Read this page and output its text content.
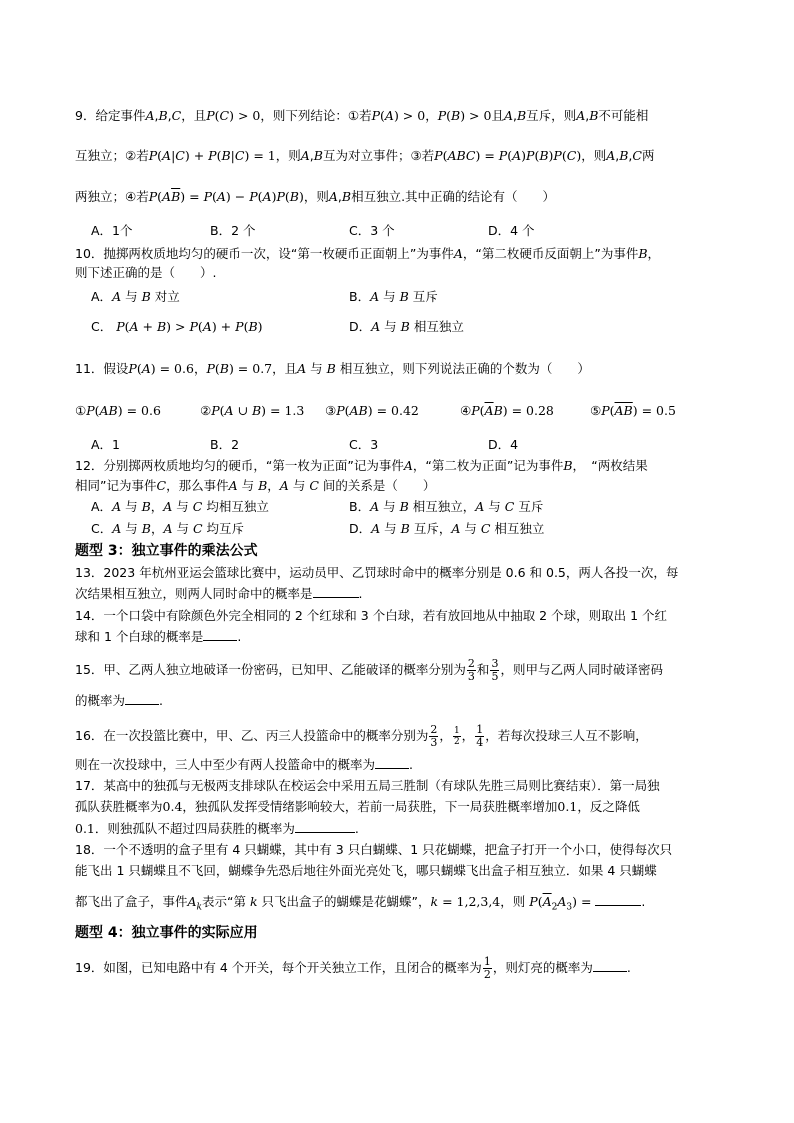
9．给定事件A,B,C，且P(C) > 0，则下列结论：①若P(A) > 0，P(B) > 0且A,B互斥，则A,B不可能相
互独立；②若P(A|C) + P(B|C) = 1，则A,B互为对立事件；③若P(ABC) = P(A)P(B)P(C)，则A,B,C两
两独立；④若$P(A\overline{B}) = P(A) - P(A)P(B)$，则A,B相互独立.其中正确的结论有（　　）
A．1个	B．2 个	C．3 个	D．4 个
10．抛掷两枚质地均匀的硬币一次，设“第一枚硬币正面朝上”为事件A，“第二枚硬币反面朝上”为事件B，
则下述正确的是（　　）.
A．A 与 B 对立	B．A 与 B 互斥
C． P(A + B) > P(A) + P(B)	D．A 与 B 相互独立
11．假设P(A) = 0.6，P(B) = 0.7，且A 与 B 相互独立，则下列说法正确的个数为（　　）
①P(AB) = 0.6	②P(A ∪ B) = 1.3 ③P(AB) = 0.42	$④P(\overline{A}B) = 0.28$	$⑤P(\overline{AB}) = 0.5$
A．1	B．2	C．3	D．4
12．分别掷两枚质地均匀的硬币，“第一枚为正面”记为事件A，“第二枚为正面”记为事件B，　“两枚结果
相同”记为事件C，那么事件A 与 B，A 与 C 间的关系是（　　）
A．A 与 B，A 与 C 均相互独立	B．A 与 B 相互独立，A 与 C 互斥
C．A 与 B，A 与 C 均互斥	D．A 与 B 互斥，A 与 C 相互独立
题型 3：独立事件的乘法公式
13．2023 年杭州亚运会篮球比赛中，运动员甲、乙罚球时命中的概率分别是 0.6 和 0.5，两人各投一次，每
次结果相互独立，则两人同时命中的概率是	.
14．一个口袋中有除颜色外完全相同的 2 个红球和 3 个白球，若有放回地从中抽取 2 个球，则取出 1 个红
球和 1 个白球的概率是	.
15．甲、乙两人独立地破译一份密码，已知甲、乙能破译的概率分别为 $\frac{2}{3}$ 和 $\frac{3}{5}$ ，则甲与乙两人同时破译密码
的概率为	.
16．在一次投篮比赛中，甲、乙、丙三人投篮命中的概率分别为 $\frac{2}{3}$ ， $\frac{1}{2}$ ， $\frac{1}{4}$ ，若每次投球三人互不影响，
则在一次投球中，三人中至少有两人投篮命中的概率为	.
17．某高中的独孤与无极两支排球队在校运会中采用五局三胜制（有球队先胜三局则比赛结束）．第一局独
孤队获胜概率为0.4，独孤队发挥受情绪影响较大，若前一局获胜，下一局获胜概率增加0.1，反之降低
0.1．则独孤队不超过四局获胜的概率为	.
18．一个不透明的盒子里有 4 只蝴蝶，其中有 3 只白蝴蝶、1 只花蝴蝶，把盒子打开一个小口，使得每次只
能飞出 1 只蝴蝶且不飞回，蝴蝶争先恐后地往外面光亮处飞，哪只蝴蝶飞出盒子相互独立．如果 4 只蝴蝶
都飞出了盒子，事件$A_k$表示“第 k 只飞出盒子的蝴蝶是花蝴蝶”，k = 1,2,3,4，则 $P(\overline{A}_2A_3)$ =	.
题型 4：独立事件的实际应用
19．如图，已知电路中有 4 个开关，每个开关独立工作，且闭合的概率为 $\frac{1}{2}$ ，则灯亮的概率为	.
